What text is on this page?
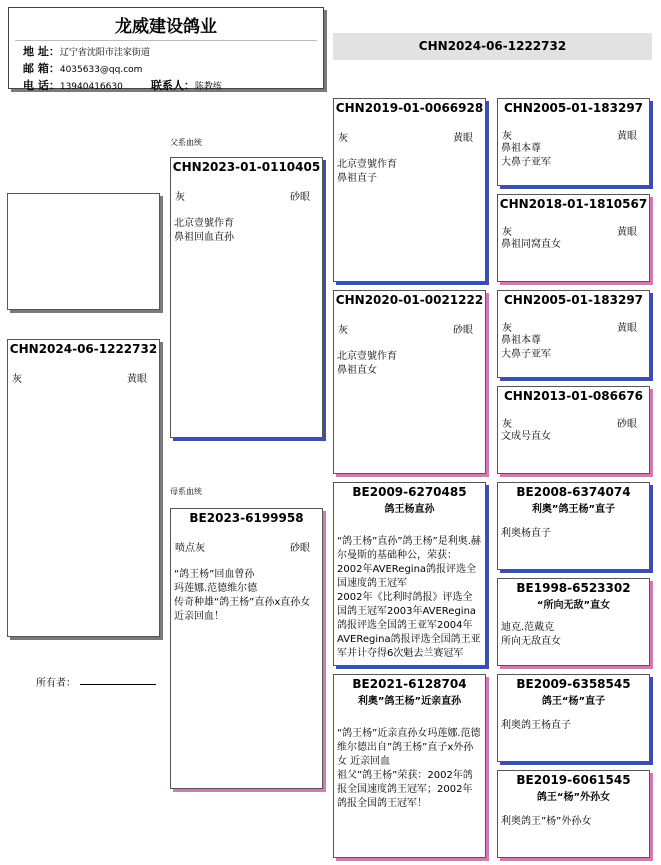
龙威建设鸽业
地 址：辽宁省沈阳市洼家街道
邮 箱：4035633@qq.com
电 话：13940416630	联系人：陈教练
CHN2024-06-1222732
CHN2024-06-1222732
灰	黄眼
所有者：
父系血统
母系血统
CHN2023-01-0110405
灰	砂眼
北京壹號作育
鼻祖回血直孙
BE2023-6199958
喷点灰	砂眼
“鸽王杨”回血曾孙
玛莲娜.范德维尔德
传奇种雄“鸽王杨”直孙x直孙女
近亲回血！
CHN2019-01-0066928
灰	黄眼
北京壹號作育
鼻祖直子
CHN2020-01-0021222
灰	砂眼
北京壹號作育
鼻祖直女
BE2009-6270485
鸽王杨直孙
“鸽王杨”直孙”鸽王杨”是利奥.赫尔曼斯的基础种公，荣获：
2002年AVERegina鸽报评选全国速度鸽王冠军
2002年《比利时鸽报》评选全国鸽王冠军2003年AVERegina鸽报评选全国鸽王亚军2004年AVERegina鸽报评选全国鸽王亚军并计夺得6次魁去兰赛冠军
BE2021-6128704
利奥”鸽王杨”近亲直孙
“鸽王杨”近亲直孙女玛莲娜.范德维尔德出自”鸽王杨”直子x外孙女 近亲回血
祖父”鸽王杨”荣获：2002年鸽报全国速度鸽王冠军；2002年鸽报全国鸽王冠军！
CHN2005-01-183297
灰	黄眼
鼻祖本尊
大鼻子亚军
CHN2018-01-1810567
灰	黄眼
鼻祖同窝直女
CHN2005-01-183297
灰	黄眼
鼻祖本尊
大鼻子亚军
CHN2013-01-086676
灰	砂眼
文成号直女
BE2008-6374074
利奥”鸽王杨”直子
利奥杨直子
BE1998-6523302
“所向无敌”直女
迪克.范戴克
所向无敌直女
BE2009-6358545
鸽王“杨”直子
利奥鸽王杨直子
BE2019-6061545
鸽王“杨”外孙女
利奥鸽王”杨”外孙女
